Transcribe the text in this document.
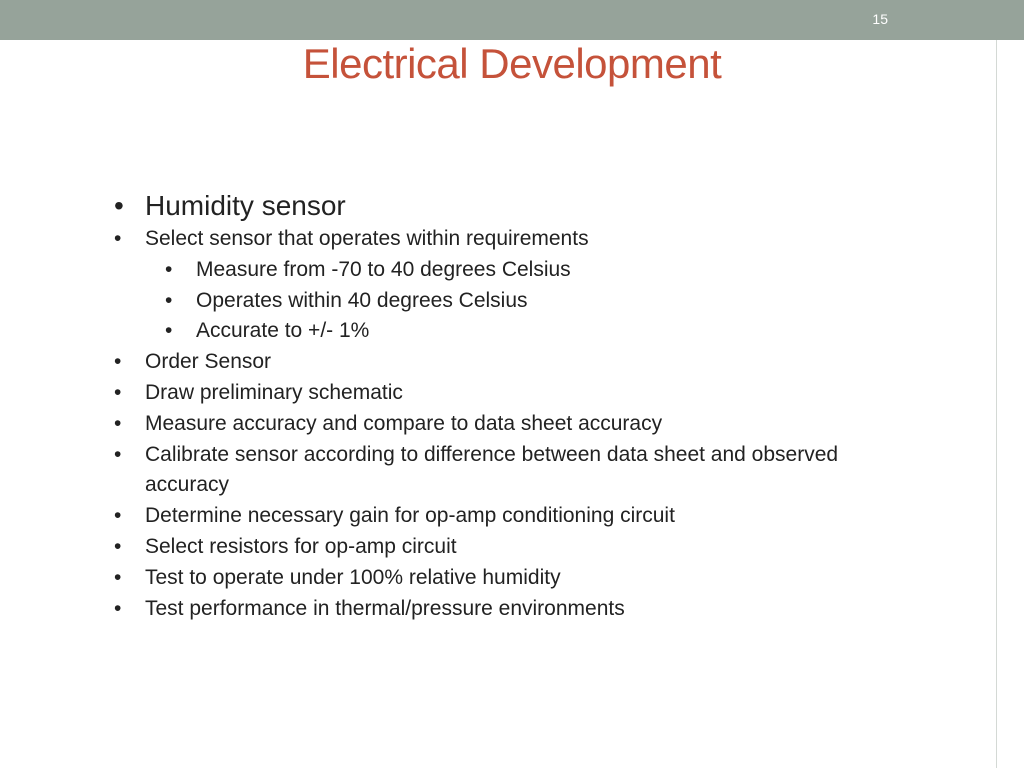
15
Electrical Development
• Humidity sensor
• Select sensor that operates within requirements
• Measure from -70 to 40 degrees Celsius
• Operates within 40 degrees Celsius
• Accurate to +/- 1%
• Order Sensor
• Draw preliminary schematic
• Measure accuracy and compare to data sheet accuracy
• Calibrate sensor according to difference between data sheet and observed accuracy
• Determine necessary gain for op-amp conditioning circuit
• Select resistors for op-amp circuit
• Test to operate under 100% relative humidity
• Test performance in thermal/pressure environments
